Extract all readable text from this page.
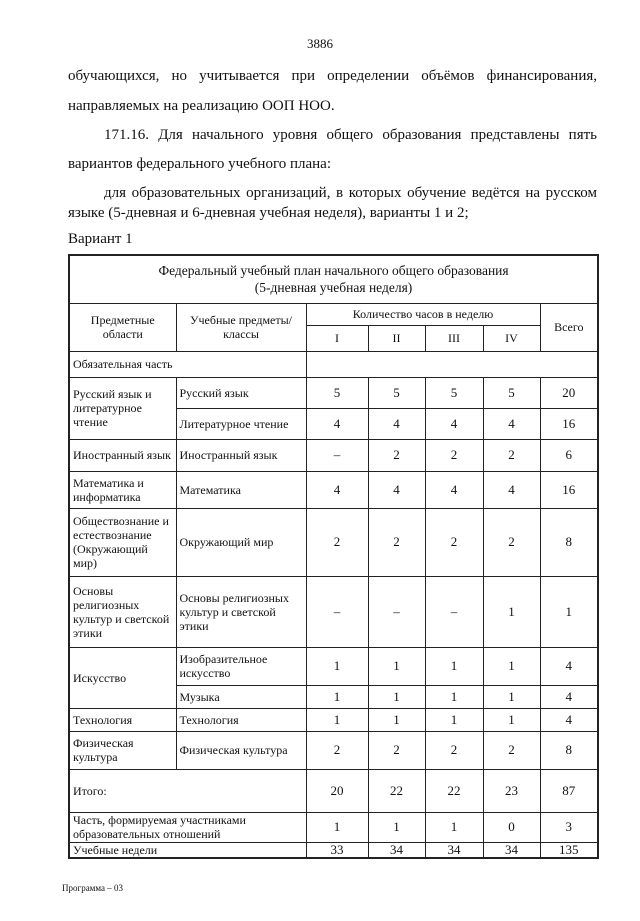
3886
обучающихся, но учитывается при определении объёмов финансирования,
направляемых на реализацию ООП НОО.
171.16. Для начального уровня общего образования представлены пять
вариантов федерального учебного плана:
для образовательных организаций, в которых обучение ведётся на русском
языке (5-дневная и 6-дневная учебная неделя), варианты 1 и 2;
Вариант 1
Федеральный учебный план начального общего образования
(5-дневная учебная неделя)						

Предметные области	Учебные предметы/ классы	Количество часов в неделю				Всего
		I	II	III	IV	
Обязательная часть						
Русский язык и литературное чтение	Русский язык	5	5	5	5	20
	Литературное чтение	4	4	4	4	16
Иностранный язык	Иностранный язык	–	2	2	2	6
Математика и информатика	Математика	4	4	4	4	16
Обществознание и естествознание (Окружающий мир)	Окружающий мир	2	2	2	2	8
Основы религиозных культур и светской этики	Основы религиозных культур и светской этики	–	–	–	1	1
Искусство	Изобразительное искусство	1	1	1	1	4
	Музыка	1	1	1	1	4
Технология	Технология	1	1	1	1	4
Физическая культура	Физическая культура	2	2	2	2	8
Итого:		20	22	22	23	87
Часть, формируемая участниками образовательных отношений		1	1	1	0	3
Учебные недели		33	34	34	34	135
Программа – 03
